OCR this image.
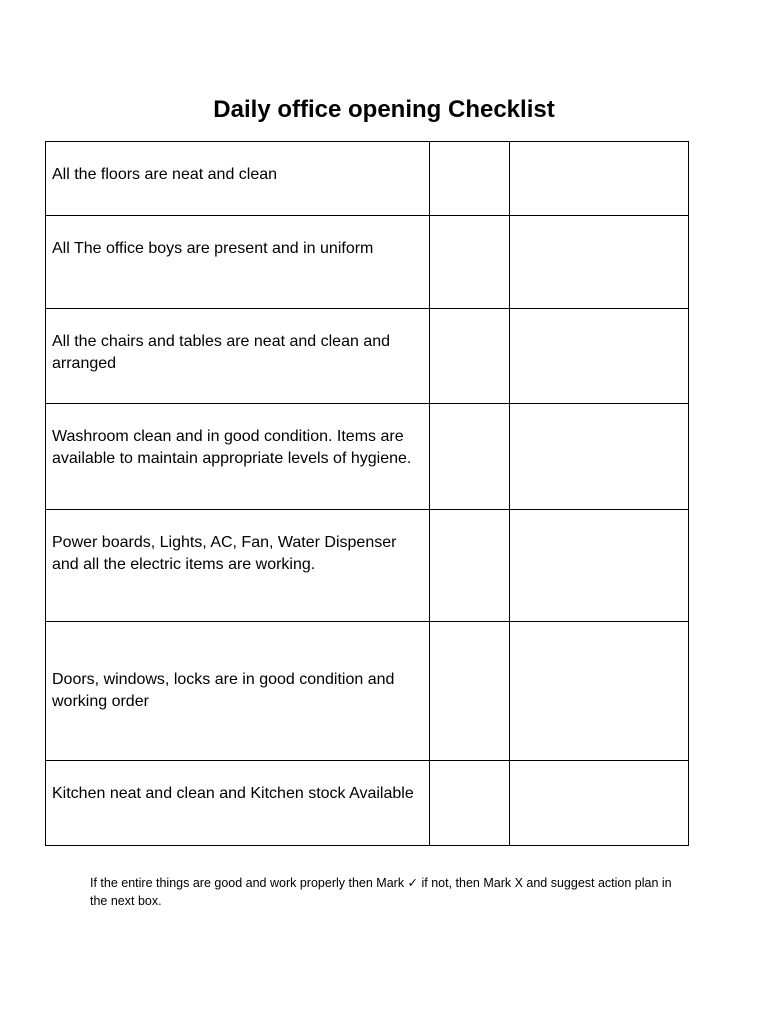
Daily office opening Checklist
All the floors are neat and clean		

All The office boys are present and in uniform		

All the chairs and tables are neat and clean and arranged		

Washroom clean and in good condition. Items are available to maintain appropriate levels of hygiene.		

Power boards, Lights, AC, Fan, Water Dispenser and all the electric items are working.		

Doors, windows, locks are in good condition and working order		

Kitchen neat and clean and Kitchen stock Available		

If the entire things are good and work properly then Mark ✓ if not, then Mark X and suggest action plan in the next box.
